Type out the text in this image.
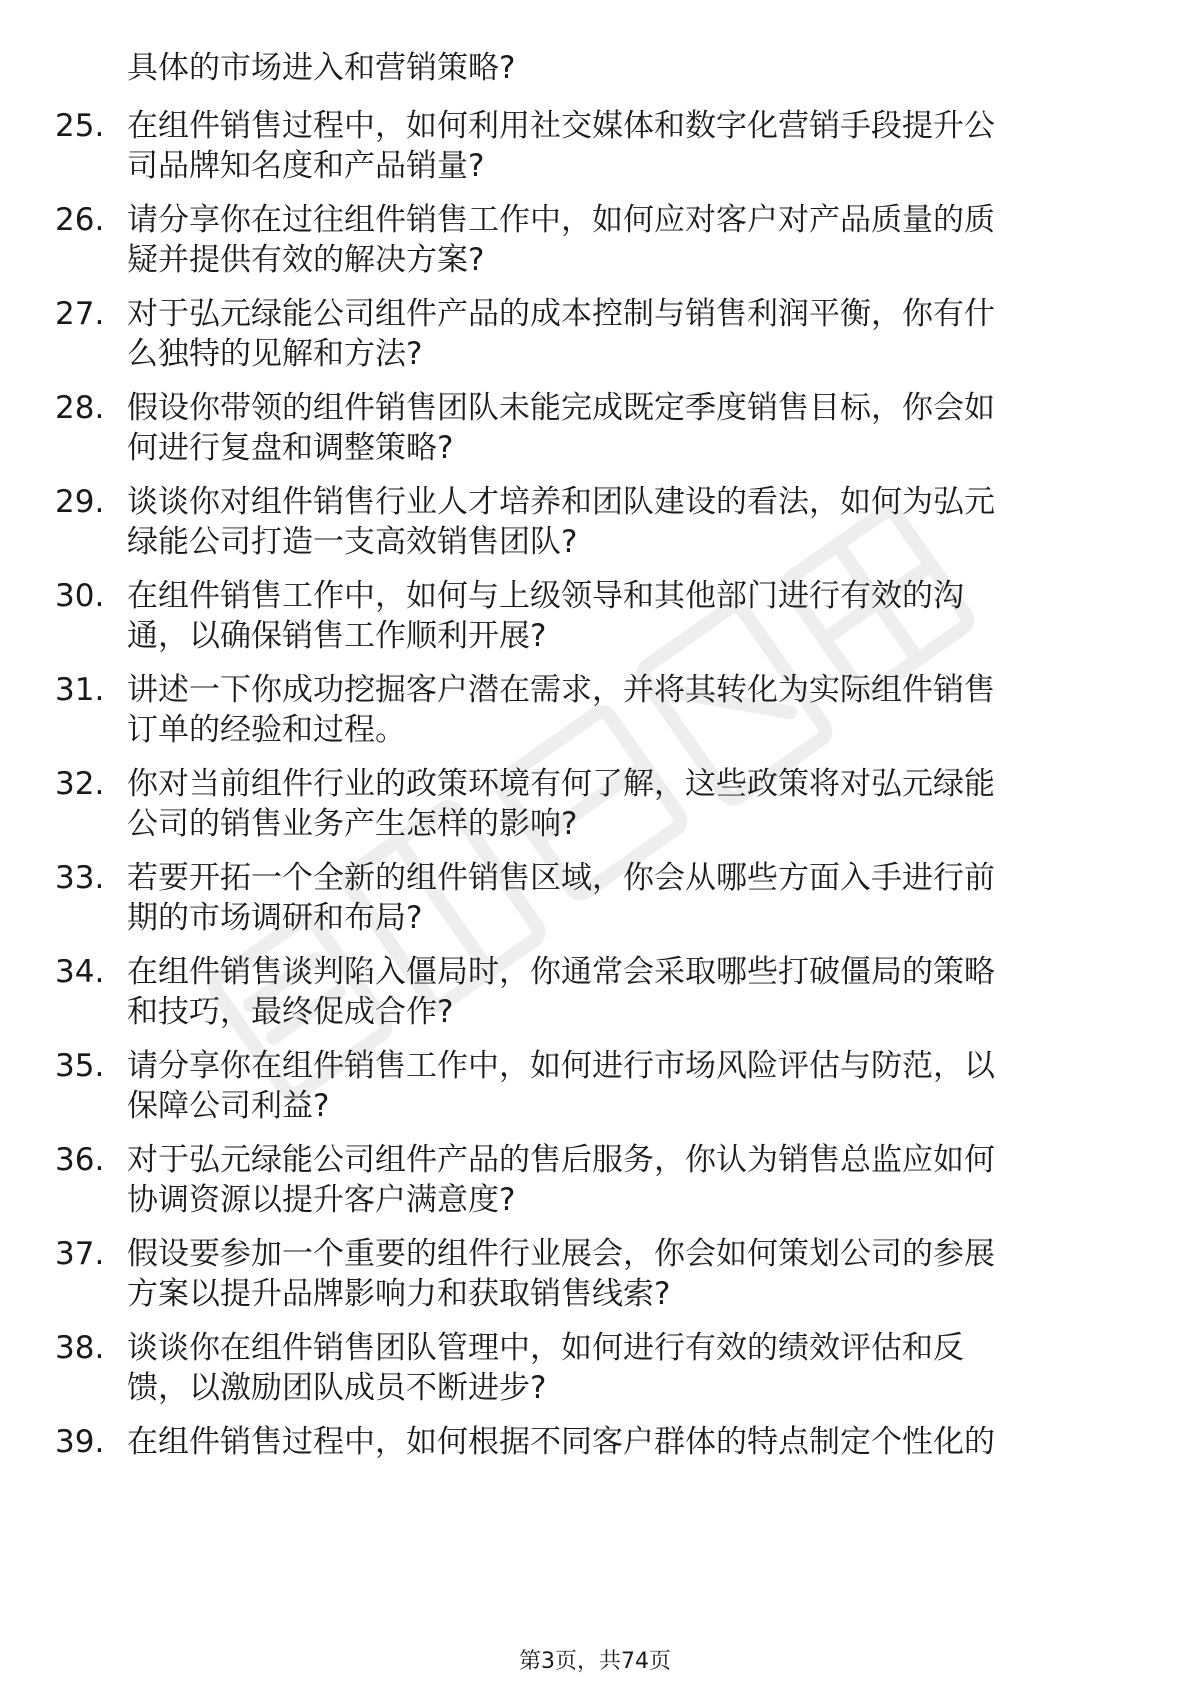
具体的市场进入和营销策略?
25. 在组件销售过程中，如何利用社交媒体和数字化营销手段提升公
司品牌知名度和产品销量?
26. 请分享你在过往组件销售工作中，如何应对客户对产品质量的质
疑并提供有效的解决方案?
27. 对于弘元绿能公司组件产品的成本控制与销售利润平衡，你有什
么独特的见解和方法?
28. 假设你带领的组件销售团队未能完成既定季度销售目标，你会如
何进行复盘和调整策略?
29. 谈谈你对组件销售行业人才培养和团队建设的看法，如何为弘元
绿能公司打造一支高效销售团队?
30. 在组件销售工作中，如何与上级领导和其他部门进行有效的沟
通，以确保销售工作顺利开展?
31. 讲述一下你成功挖掘客户潜在需求，并将其转化为实际组件销售
订单的经验和过程。
32. 你对当前组件行业的政策环境有何了解，这些政策将对弘元绿能
公司的销售业务产生怎样的影响?
33. 若要开拓一个全新的组件销售区域，你会从哪些方面入手进行前
期的市场调研和布局?
34. 在组件销售谈判陷入僵局时，你通常会采取哪些打破僵局的策略
和技巧，最终促成合作?
35. 请分享你在组件销售工作中，如何进行市场风险评估与防范，以
保障公司利益?
36. 对于弘元绿能公司组件产品的售后服务，你认为销售总监应如何
协调资源以提升客户满意度?
37. 假设要参加一个重要的组件行业展会，你会如何策划公司的参展
方案以提升品牌影响力和获取销售线索?
38. 谈谈你在组件销售团队管理中，如何进行有效的绩效评估和反
馈，以激励团队成员不断进步?
39. 在组件销售过程中，如何根据不同客户群体的特点制定个性化的
第3页，共74页
